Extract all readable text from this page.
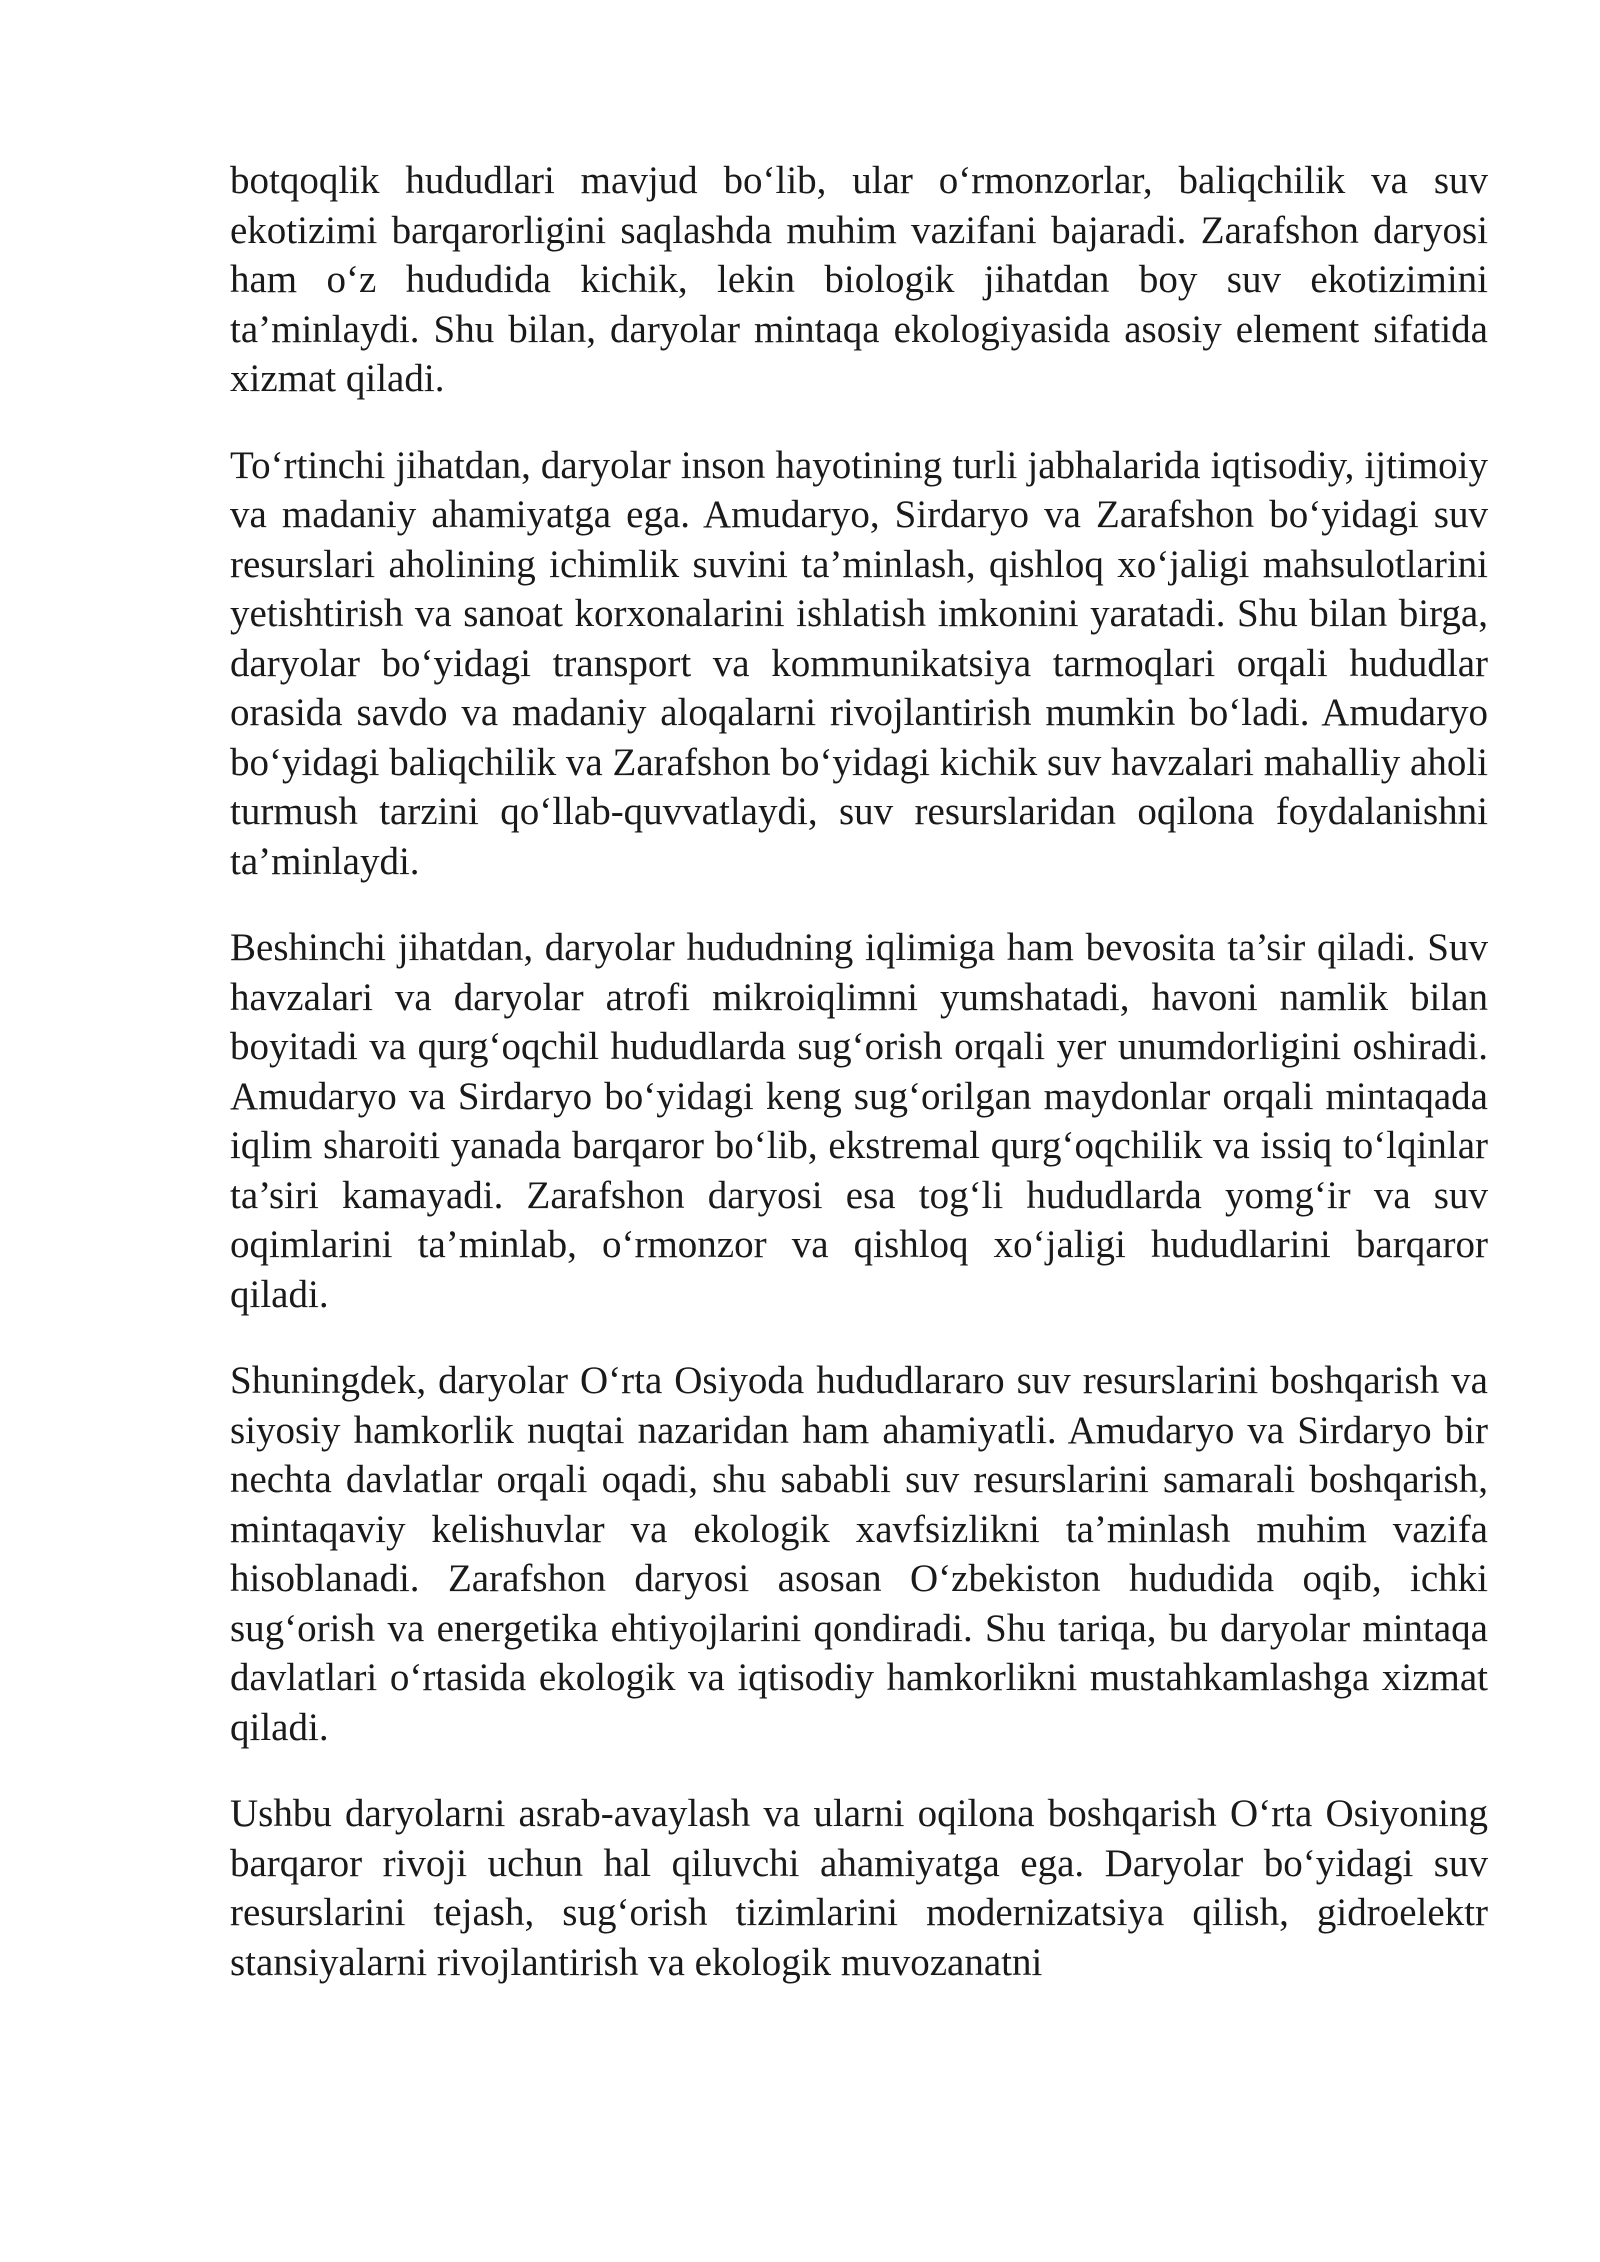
botqoqlik hududlari mavjud bo‘lib, ular o‘rmonzorlar, baliqchilik va suv ekotizimi barqarorligini saqlashda muhim vazifani bajaradi. Zarafshon daryosi ham o‘z hududida kichik, lekin biologik jihatdan boy suv ekotizimini ta’minlaydi. Shu bilan, daryolar mintaqa ekologiyasida asosiy element sifatida xizmat qiladi.

To‘rtinchi jihatdan, daryolar inson hayotining turli jabhalarida iqtisodiy, ijtimoiy va madaniy ahamiyatga ega. Amudaryo, Sirdaryo va Zarafshon bo‘yidagi suv resurslari aholining ichimlik suvini ta’minlash, qishloq xo‘jaligi mahsulotlarini yetishtirish va sanoat korxonalarini ishlatish imkonini yaratadi. Shu bilan birga, daryolar bo‘yidagi transport va kommunikatsiya tarmoqlari orqali hududlar orasida savdo va madaniy aloqalarni rivojlantirish mumkin bo‘ladi. Amudaryo bo‘yidagi baliqchilik va Zarafshon bo‘yidagi kichik suv havzalari mahalliy aholi turmush tarzini qo‘llab-quvvatlaydi, suv resurslaridan oqilona foydalanishni ta’minlaydi.

Beshinchi jihatdan, daryolar hududning iqlimiga ham bevosita ta’sir qiladi. Suv havzalari va daryolar atrofi mikroiqlimni yumshatadi, havoni namlik bilan boyitadi va qurg‘oqchil hududlarda sug‘orish orqali yer unumdorligini oshiradi. Amudaryo va Sirdaryo bo‘yidagi keng sug‘orilgan maydonlar orqali mintaqada iqlim sharoiti yanada barqaror bo‘lib, ekstremal qurg‘oqchilik va issiq to‘lqinlar ta’siri kamayadi. Zarafshon daryosi esa tog‘li hududlarda yomg‘ir va suv oqimlarini ta’minlab, o‘rmonzor va qishloq xo‘jaligi hududlarini barqaror qiladi.

Shuningdek, daryolar O‘rta Osiyoda hududlararo suv resurslarini boshqarish va siyosiy hamkorlik nuqtai nazaridan ham ahamiyatli. Amudaryo va Sirdaryo bir nechta davlatlar orqali oqadi, shu sababli suv resurslarini samarali boshqarish, mintaqaviy kelishuvlar va ekologik xavfsizlikni ta’minlash muhim vazifa hisoblanadi. Zarafshon daryosi asosan O‘zbekiston hududida oqib, ichki sug‘orish va energetika ehtiyojlarini qondiradi. Shu tariqa, bu daryolar mintaqa davlatlari o‘rtasida ekologik va iqtisodiy hamkorlikni mustahkamlashga xizmat qiladi.

Ushbu daryolarni asrab-avaylash va ularni oqilona boshqarish O‘rta Osiyoning barqaror rivoji uchun hal qiluvchi ahamiyatga ega. Daryolar bo‘yidagi suv resurslarini tejash, sug‘orish tizimlarini modernizatsiya qilish, gidroelektr stansiyalarni rivojlantirish va ekologik muvozanatni
